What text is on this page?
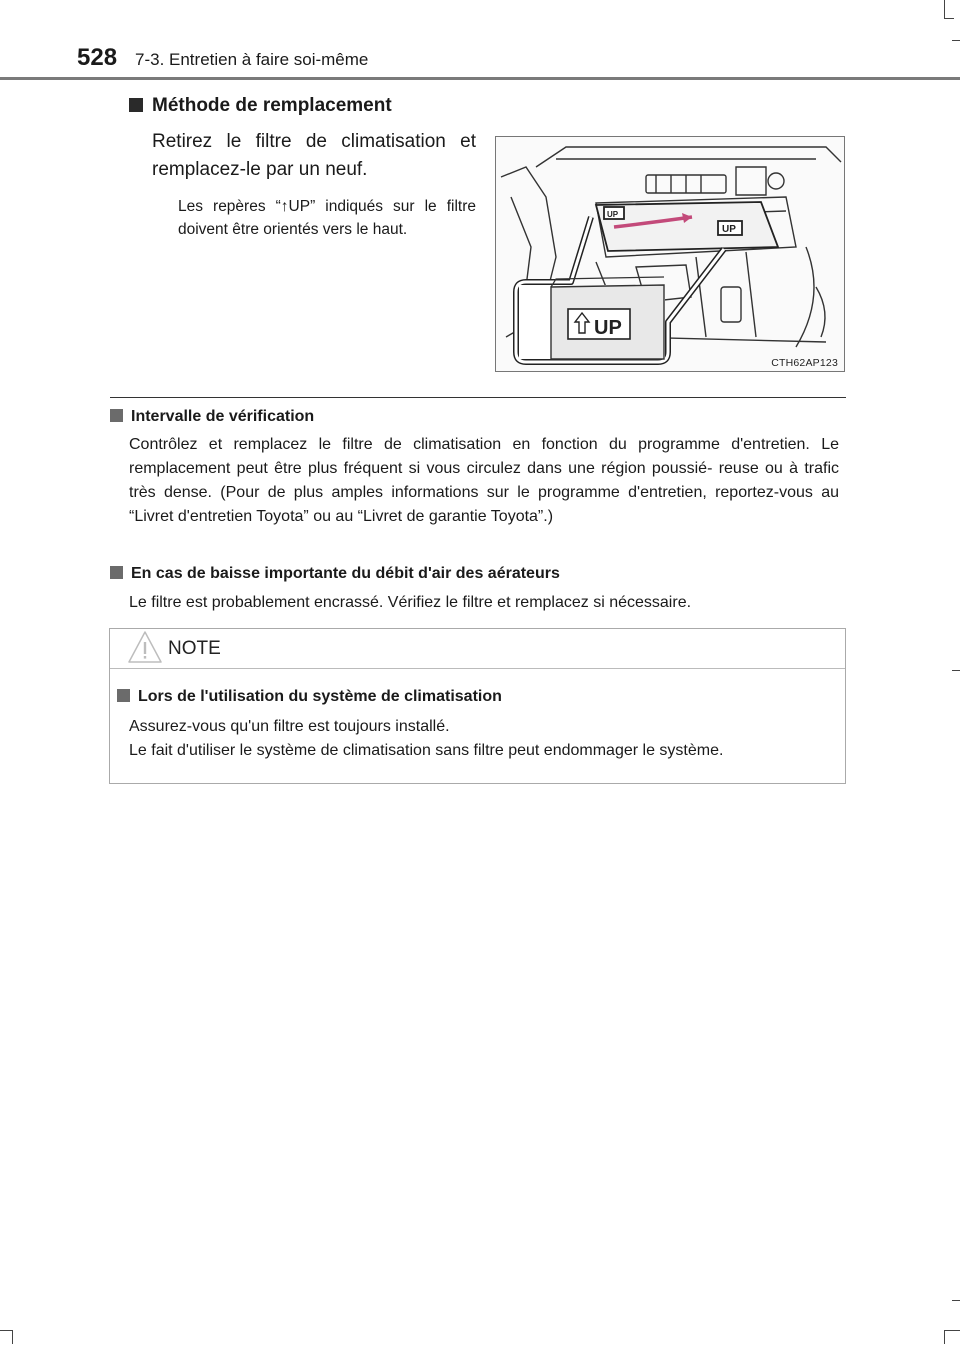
528 7-3. Entretien à faire soi-même
Méthode de remplacement
Retirez le filtre de climatisation et remplacez-le par un neuf.
Les repères “↑UP” indiqués sur le filtre doivent être orientés vers le haut.
UP
UP
UP
CTH62AP123
Intervalle de vérification
Contrôlez et remplacez le filtre de climatisation en fonction du programme d'entretien. Le remplacement peut être plus fréquent si vous circulez dans une région poussié- reuse ou à trafic très dense. (Pour de plus amples informations sur le programme d'entretien, reportez-vous au “Livret d'entretien Toyota” ou au “Livret de garantie Toyota”.)
En cas de baisse importante du débit d'air des aérateurs
Le filtre est probablement encrassé. Vérifiez le filtre et remplacez si nécessaire.
NOTE
Lors de l'utilisation du système de climatisation
Assurez-vous qu'un filtre est toujours installé.
Le fait d'utiliser le système de climatisation sans filtre peut endommager le système.
